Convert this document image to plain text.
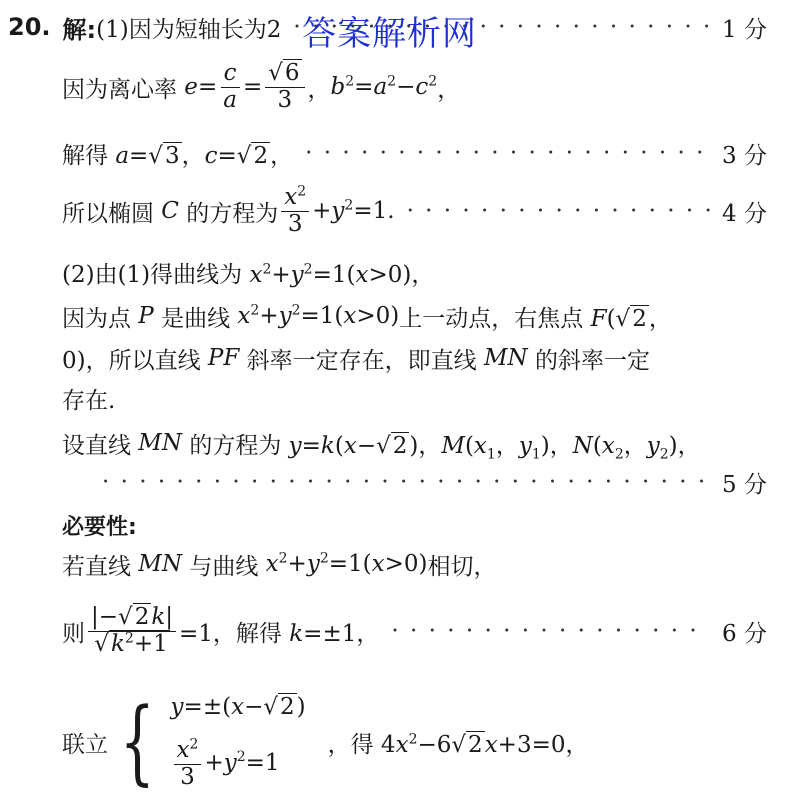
答案解析网
20. 解: (1)因为短轴长为2 · · ·	1 分
因为离心率 $e = \frac{c}{a} = \frac{√6}{3}$ ， $b^2=a^2-c^2$ ，
解得 a=√3，c=√2， · · ·	3 分
所以椭圆 C 的方程为 $\frac{x^2}{3} +y^2=1$. · · ·	4 分
(2)由(1)得曲线为 $x^2+y^2=1(x>0)$，
因为点 P 是曲线 $x^2+y^2=1(x>0)$ 上一动点，右焦点 F(√2，
0)，所以直线 PF 斜率一定存在，即直线 MN 的斜率一定
存在.
设直线 MN 的方程为 y=k(x−√2)，$M(x_1$，$y_1$)，$N(x_2$，$y_2$)，
· · ·
5 分
必要性:
若直线 MN 与曲线 $x^2+y^2=1(x>0)$ 相切，
则 $\frac{|-√2k|}{√k^2+1} =1$，解得 k=±1， · · ·	6 分
联立 { y=±(x−√2)
$\frac{x^2}{3} +y^2=1$
，得 $4x^2-6√2x+3=0$，
